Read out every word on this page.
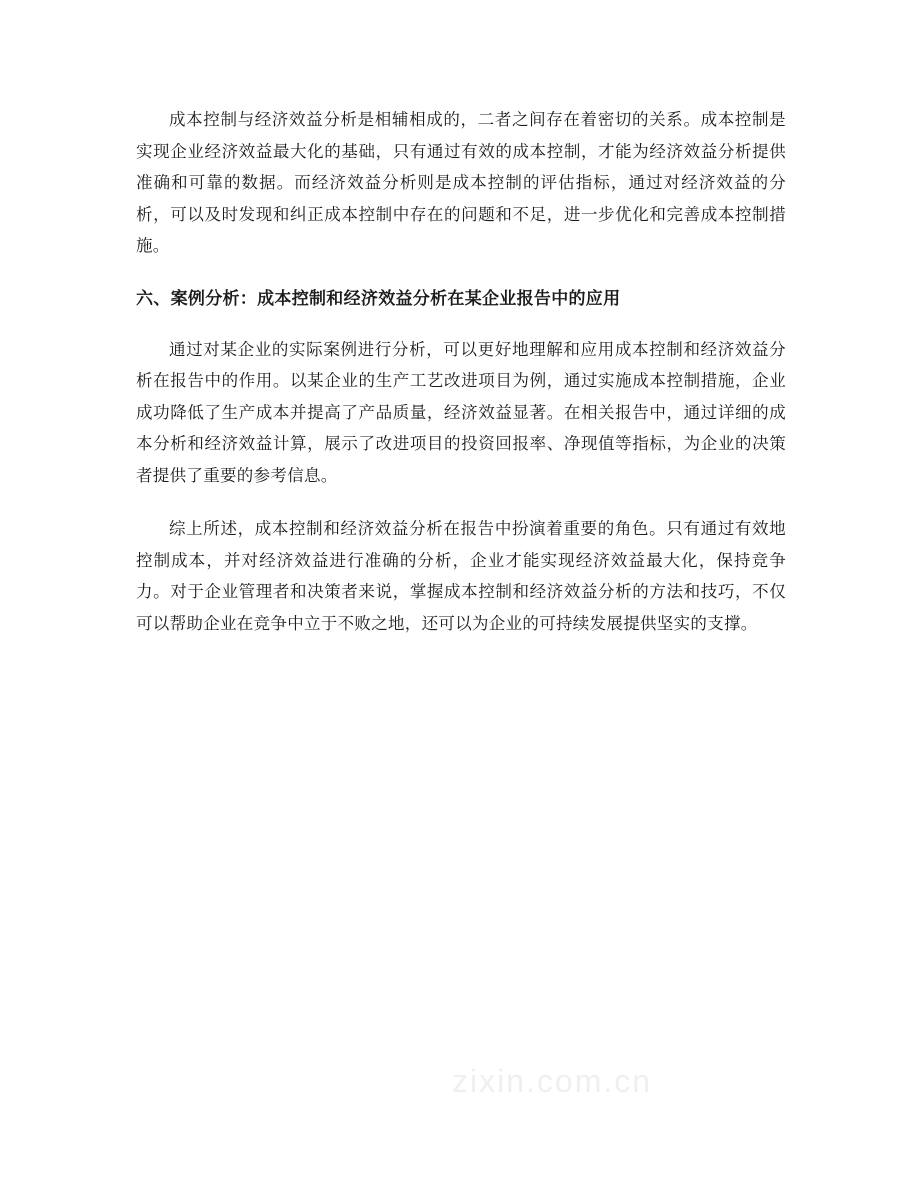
成本控制与经济效益分析是相辅相成的，二者之间存在着密切的关系。成本控制是实现企业经济效益最大化的基础，只有通过有效的成本控制，才能为经济效益分析提供准确和可靠的数据。而经济效益分析则是成本控制的评估指标，通过对经济效益的分析，可以及时发现和纠正成本控制中存在的问题和不足，进一步优化和完善成本控制措施。

六、案例分析：成本控制和经济效益分析在某企业报告中的应用

通过对某企业的实际案例进行分析，可以更好地理解和应用成本控制和经济效益分析在报告中的作用。以某企业的生产工艺改进项目为例，通过实施成本控制措施，企业成功降低了生产成本并提高了产品质量，经济效益显著。在相关报告中，通过详细的成本分析和经济效益计算，展示了改进项目的投资回报率、净现值等指标，为企业的决策者提供了重要的参考信息。

综上所述，成本控制和经济效益分析在报告中扮演着重要的角色。只有通过有效地控制成本，并对经济效益进行准确的分析，企业才能实现经济效益最大化，保持竞争力。对于企业管理者和决策者来说，掌握成本控制和经济效益分析的方法和技巧，不仅可以帮助企业在竞争中立于不败之地，还可以为企业的可持续发展提供坚实的支撑。

zixin.com.cn
